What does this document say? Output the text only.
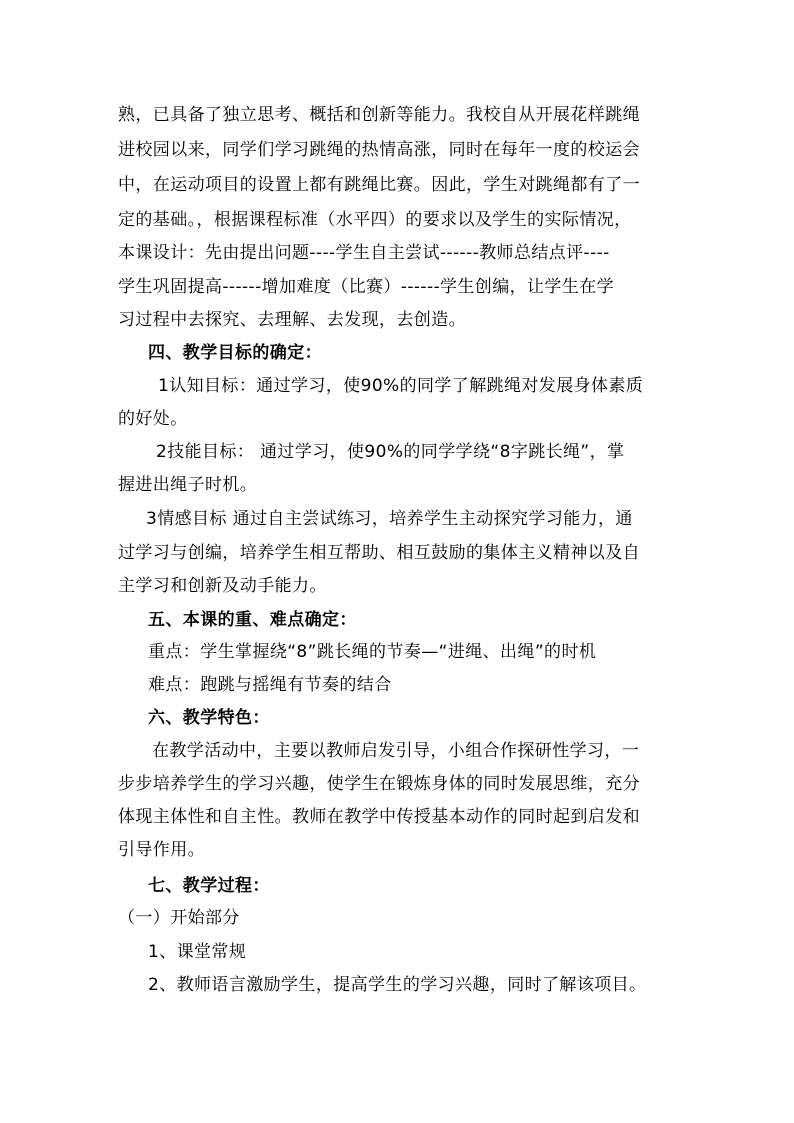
熟，已具备了独立思考、概括和创新等能力。我校自从开展花样跳绳
进校园以来，同学们学习跳绳的热情高涨，同时在每年一度的校运会
中，在运动项目的设置上都有跳绳比赛。因此，学生对跳绳都有了一
定的基础。，根据课程标准（水平四）的要求以及学生的实际情况，
本课设计：先由提出问题----学生自主尝试------教师总结点评----
学生巩固提高------增加难度（比赛）------学生创编，让学生在学
习过程中去探究、去理解、去发现，去创造。
四、教学目标的确定：
1认知目标：通过学习，使90%的同学了解跳绳对发展身体素质
的好处。
2技能目标： 通过学习，使90%的同学学绕“8字跳长绳”，掌
握进出绳子时机。
3情感目标 通过自主尝试练习，培养学生主动探究学习能力，通
过学习与创编，培养学生相互帮助、相互鼓励的集体主义精神以及自
主学习和创新及动手能力。
五、本课的重、难点确定：
重点：学生掌握绕“8”跳长绳的节奏—“进绳、出绳”的时机
难点：跑跳与摇绳有节奏的结合
六、教学特色：
在教学活动中，主要以教师启发引导，小组合作探研性学习，一
步步培养学生的学习兴趣，使学生在锻炼身体的同时发展思维，充分
体现主体性和自主性。教师在教学中传授基本动作的同时起到启发和
引导作用。
七、教学过程：
（一）开始部分
1、课堂常规
2、教师语言激励学生，提高学生的学习兴趣，同时了解该项目。
